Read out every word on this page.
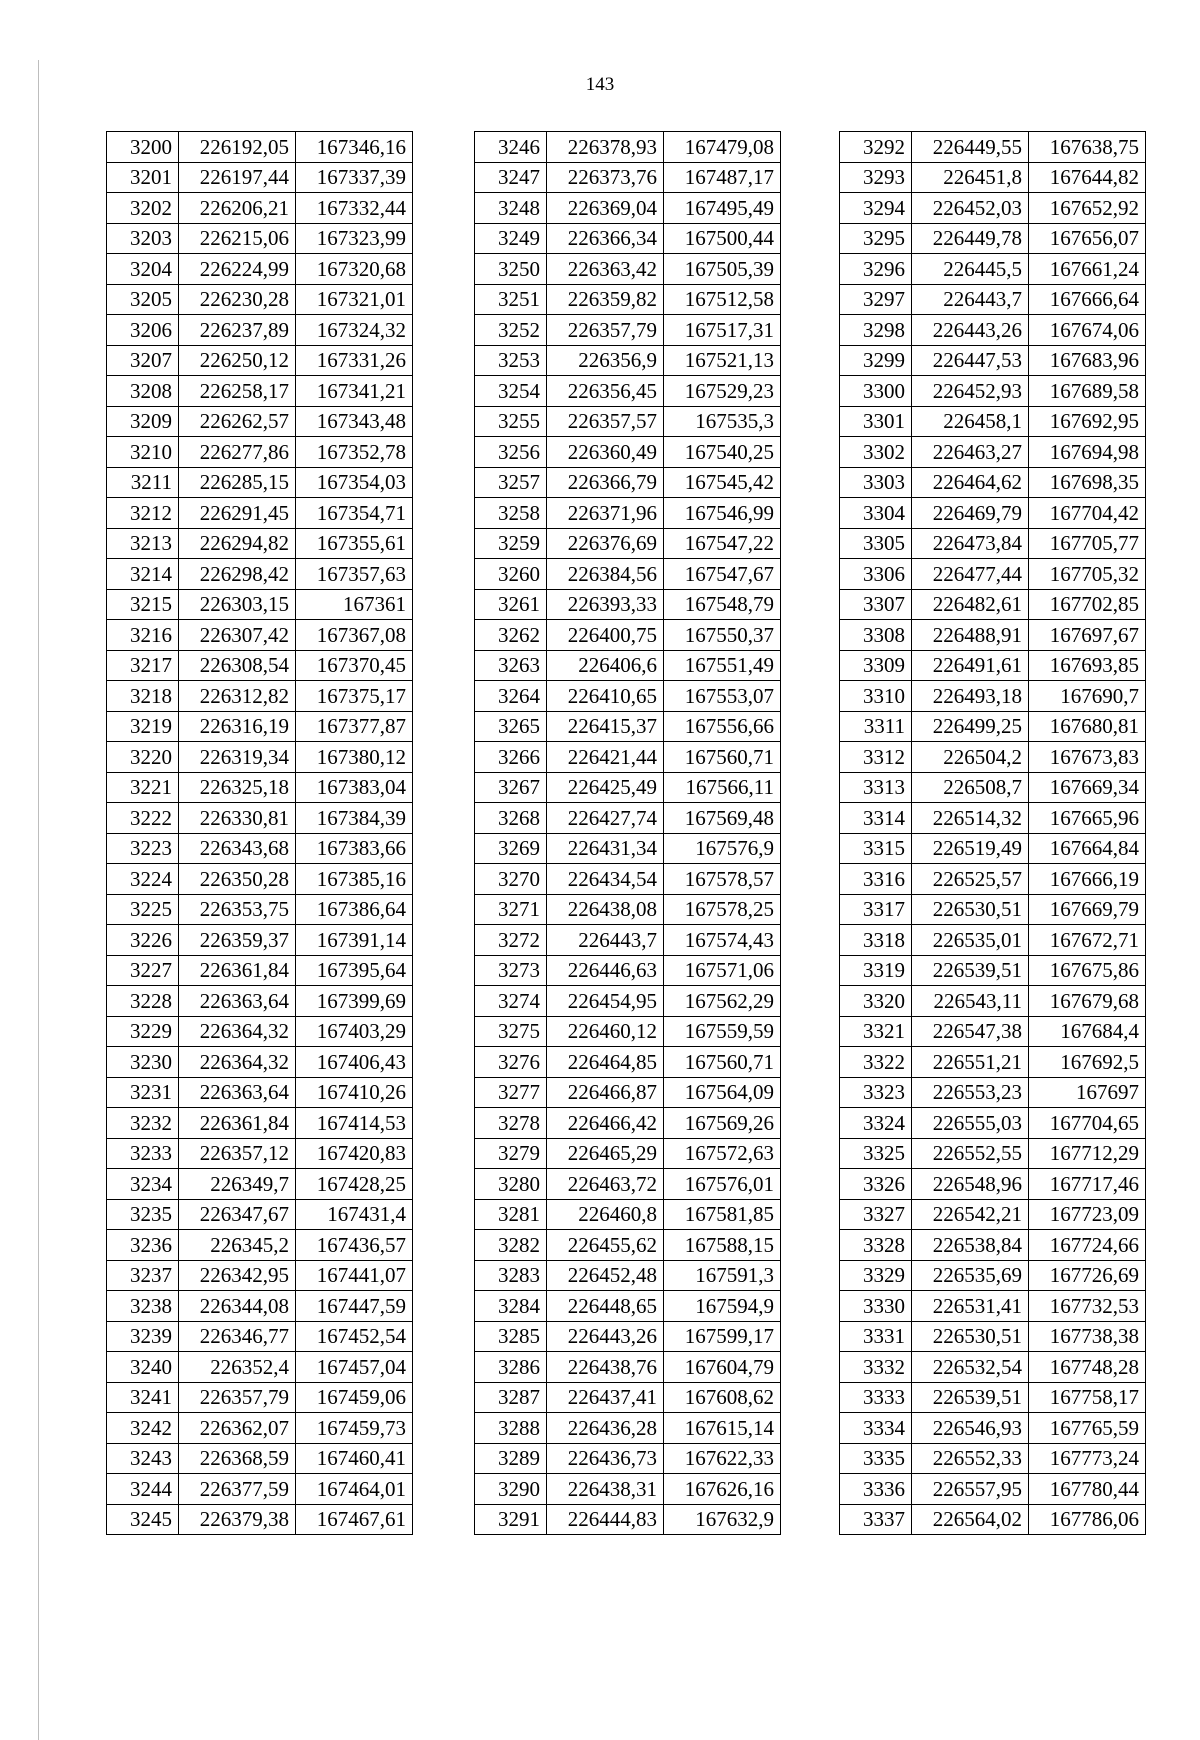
143
3200	226192,05	167346,16
3201	226197,44	167337,39
3202	226206,21	167332,44
3203	226215,06	167323,99
3204	226224,99	167320,68
3205	226230,28	167321,01
3206	226237,89	167324,32
3207	226250,12	167331,26
3208	226258,17	167341,21
3209	226262,57	167343,48
3210	226277,86	167352,78
3211	226285,15	167354,03
3212	226291,45	167354,71
3213	226294,82	167355,61
3214	226298,42	167357,63
3215	226303,15	167361
3216	226307,42	167367,08
3217	226308,54	167370,45
3218	226312,82	167375,17
3219	226316,19	167377,87
3220	226319,34	167380,12
3221	226325,18	167383,04
3222	226330,81	167384,39
3223	226343,68	167383,66
3224	226350,28	167385,16
3225	226353,75	167386,64
3226	226359,37	167391,14
3227	226361,84	167395,64
3228	226363,64	167399,69
3229	226364,32	167403,29
3230	226364,32	167406,43
3231	226363,64	167410,26
3232	226361,84	167414,53
3233	226357,12	167420,83
3234	226349,7	167428,25
3235	226347,67	167431,4
3236	226345,2	167436,57
3237	226342,95	167441,07
3238	226344,08	167447,59
3239	226346,77	167452,54
3240	226352,4	167457,04
3241	226357,79	167459,06
3242	226362,07	167459,73
3243	226368,59	167460,41
3244	226377,59	167464,01
3245	226379,38	167467,61
3246	226378,93	167479,08
3247	226373,76	167487,17
3248	226369,04	167495,49
3249	226366,34	167500,44
3250	226363,42	167505,39
3251	226359,82	167512,58
3252	226357,79	167517,31
3253	226356,9	167521,13
3254	226356,45	167529,23
3255	226357,57	167535,3
3256	226360,49	167540,25
3257	226366,79	167545,42
3258	226371,96	167546,99
3259	226376,69	167547,22
3260	226384,56	167547,67
3261	226393,33	167548,79
3262	226400,75	167550,37
3263	226406,6	167551,49
3264	226410,65	167553,07
3265	226415,37	167556,66
3266	226421,44	167560,71
3267	226425,49	167566,11
3268	226427,74	167569,48
3269	226431,34	167576,9
3270	226434,54	167578,57
3271	226438,08	167578,25
3272	226443,7	167574,43
3273	226446,63	167571,06
3274	226454,95	167562,29
3275	226460,12	167559,59
3276	226464,85	167560,71
3277	226466,87	167564,09
3278	226466,42	167569,26
3279	226465,29	167572,63
3280	226463,72	167576,01
3281	226460,8	167581,85
3282	226455,62	167588,15
3283	226452,48	167591,3
3284	226448,65	167594,9
3285	226443,26	167599,17
3286	226438,76	167604,79
3287	226437,41	167608,62
3288	226436,28	167615,14
3289	226436,73	167622,33
3290	226438,31	167626,16
3291	226444,83	167632,9
3292	226449,55	167638,75
3293	226451,8	167644,82
3294	226452,03	167652,92
3295	226449,78	167656,07
3296	226445,5	167661,24
3297	226443,7	167666,64
3298	226443,26	167674,06
3299	226447,53	167683,96
3300	226452,93	167689,58
3301	226458,1	167692,95
3302	226463,27	167694,98
3303	226464,62	167698,35
3304	226469,79	167704,42
3305	226473,84	167705,77
3306	226477,44	167705,32
3307	226482,61	167702,85
3308	226488,91	167697,67
3309	226491,61	167693,85
3310	226493,18	167690,7
3311	226499,25	167680,81
3312	226504,2	167673,83
3313	226508,7	167669,34
3314	226514,32	167665,96
3315	226519,49	167664,84
3316	226525,57	167666,19
3317	226530,51	167669,79
3318	226535,01	167672,71
3319	226539,51	167675,86
3320	226543,11	167679,68
3321	226547,38	167684,4
3322	226551,21	167692,5
3323	226553,23	167697
3324	226555,03	167704,65
3325	226552,55	167712,29
3326	226548,96	167717,46
3327	226542,21	167723,09
3328	226538,84	167724,66
3329	226535,69	167726,69
3330	226531,41	167732,53
3331	226530,51	167738,38
3332	226532,54	167748,28
3333	226539,51	167758,17
3334	226546,93	167765,59
3335	226552,33	167773,24
3336	226557,95	167780,44
3337	226564,02	167786,06
